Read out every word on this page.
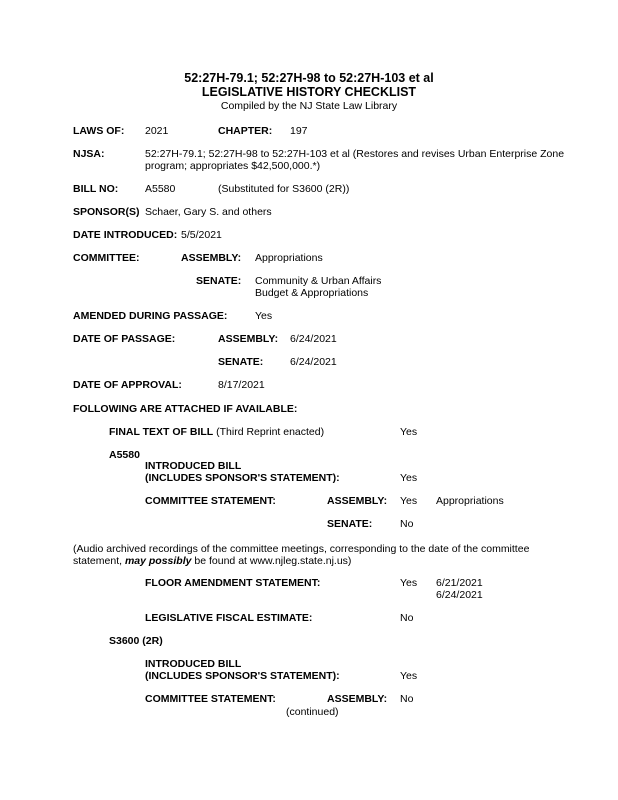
52:27H-79.1; 52:27H-98 to 52:27H-103 et al
LEGISLATIVE HISTORY CHECKLIST
Compiled by the NJ State Law Library
LAWS OF: 2021	CHAPTER: 197
NJSA:	52:27H-79.1; 52:27H-98 to 52:27H-103 et al (Restores and revises Urban Enterprise Zone
program; appropriates $42,500,000.*)
BILL NO:	A5580	(Substituted for S3600 (2R))
SPONSOR(S) Schaer, Gary S. and others
DATE INTRODUCED: 5/5/2021
COMMITTEE:	ASSEMBLY: Appropriations
SENATE: Community & Urban Affairs
Budget & Appropriations
AMENDED DURING PASSAGE:	Yes
DATE OF PASSAGE:	ASSEMBLY: 6/24/2021
SENATE:	6/24/2021
DATE OF APPROVAL:	8/17/2021
FOLLOWING ARE ATTACHED IF AVAILABLE:
FINAL TEXT OF BILL (Third Reprint enacted)	Yes
A5580
INTRODUCED BILL
(INCLUDES SPONSOR'S STATEMENT):	Yes
COMMITTEE STATEMENT:	ASSEMBLY: Yes Appropriations
SENATE:	No
(Audio archived recordings of the committee meetings, corresponding to the date of the committee
statement, may possibly be found at www.njleg.state.nj.us)
FLOOR AMENDMENT STATEMENT:	Yes 6/21/2021
6/24/2021
LEGISLATIVE FISCAL ESTIMATE:	No
S3600 (2R)
INTRODUCED BILL
(INCLUDES SPONSOR'S STATEMENT):	Yes
COMMITTEE STATEMENT:	ASSEMBLY: No
(continued)
